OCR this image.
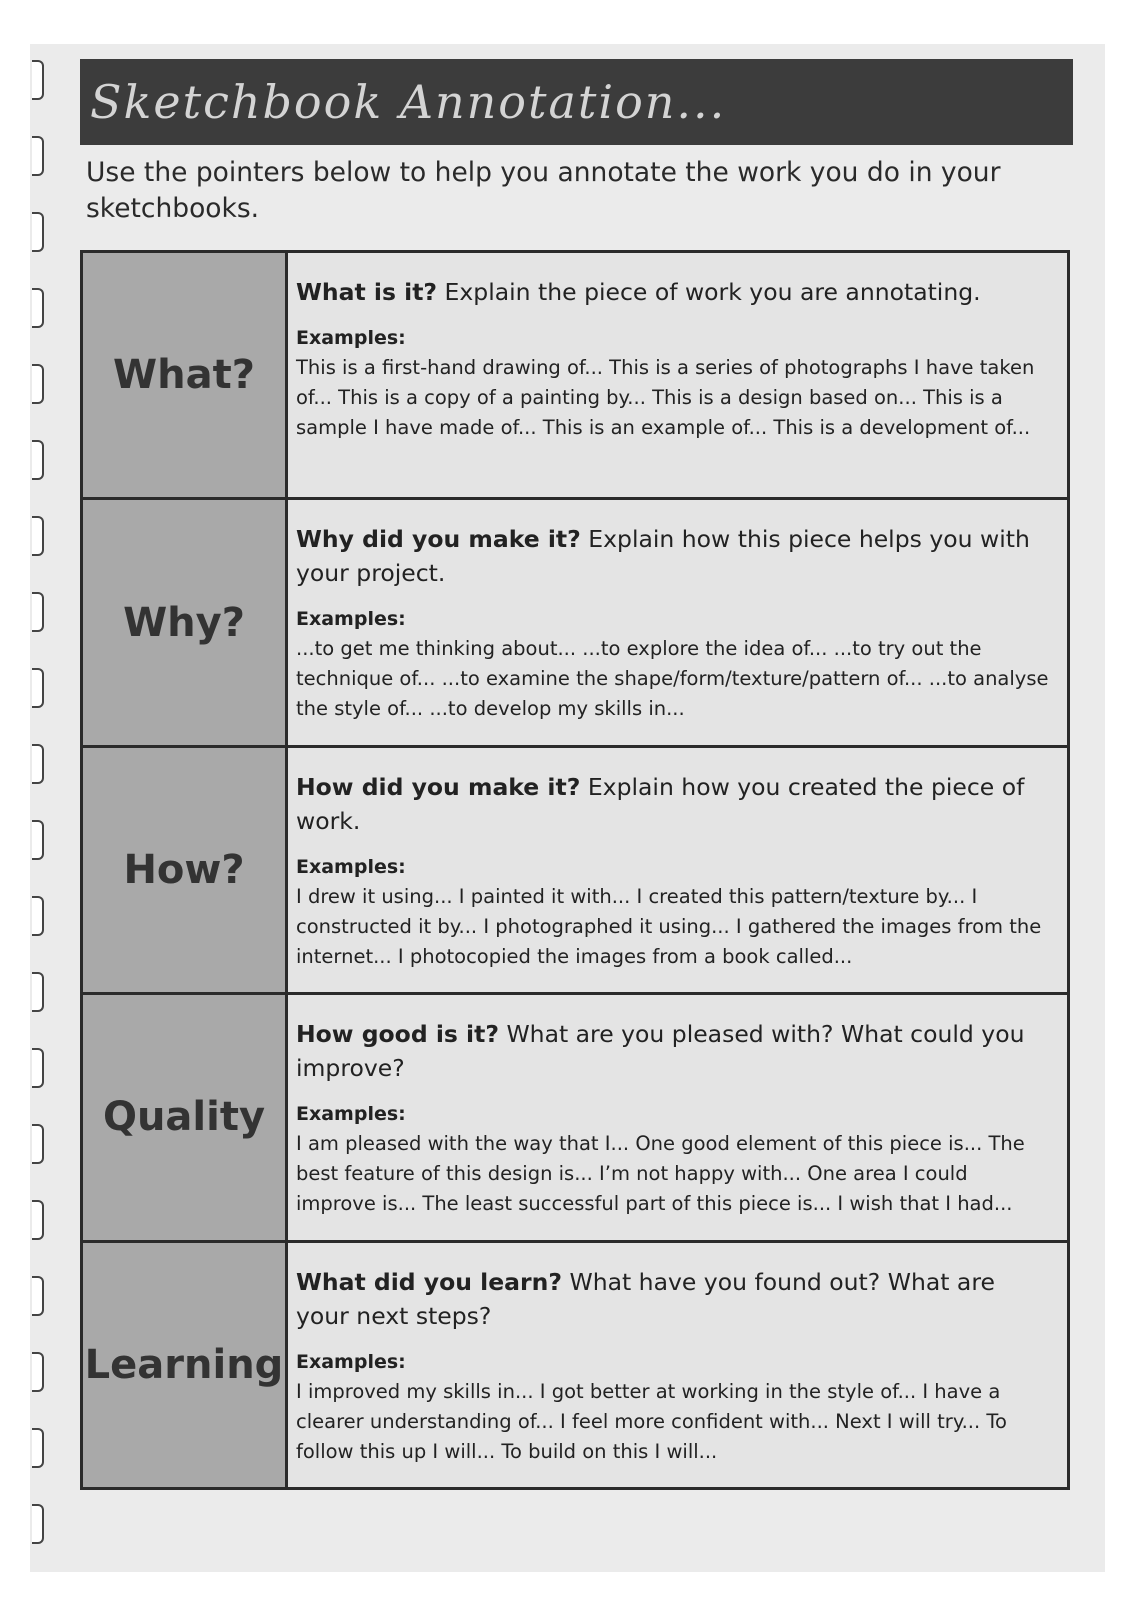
Sketchbook Annotation...

Use the pointers below to help you annotate the work you do in your sketchbooks.

What?

What is it? Explain the piece of work you are annotating.

Examples:

This is a first-hand drawing of... This is a series of photographs I have taken of... This is a copy of a painting by... This is a design based on... This is a sample I have made of... This is an example of... This is a development of...

Why?

Why did you make it? Explain how this piece helps you with your project.

Examples:

...to get me thinking about... ...to explore the idea of... ...to try out the technique of... ...to examine the shape/form/texture/pattern of... ...to analyse the style of... ...to develop my skills in...

How?

How did you make it? Explain how you created the piece of work.

Examples:

I drew it using... I painted it with... I created this pattern/texture by... I constructed it by... I photographed it using... I gathered the images from the internet... I photocopied the images from a book called...

Quality

How good is it? What are you pleased with? What could you improve?

Examples:

I am pleased with the way that I... One good element of this piece is... The best feature of this design is... I’m not happy with... One area I could improve is... The least successful part of this piece is... I wish that I had...

Learning

What did you learn? What have you found out? What are your next steps?

Examples:

I improved my skills in... I got better at working in the style of... I have a clearer understanding of... I feel more confident with... Next I will try... To follow this up I will... To build on this I will...
